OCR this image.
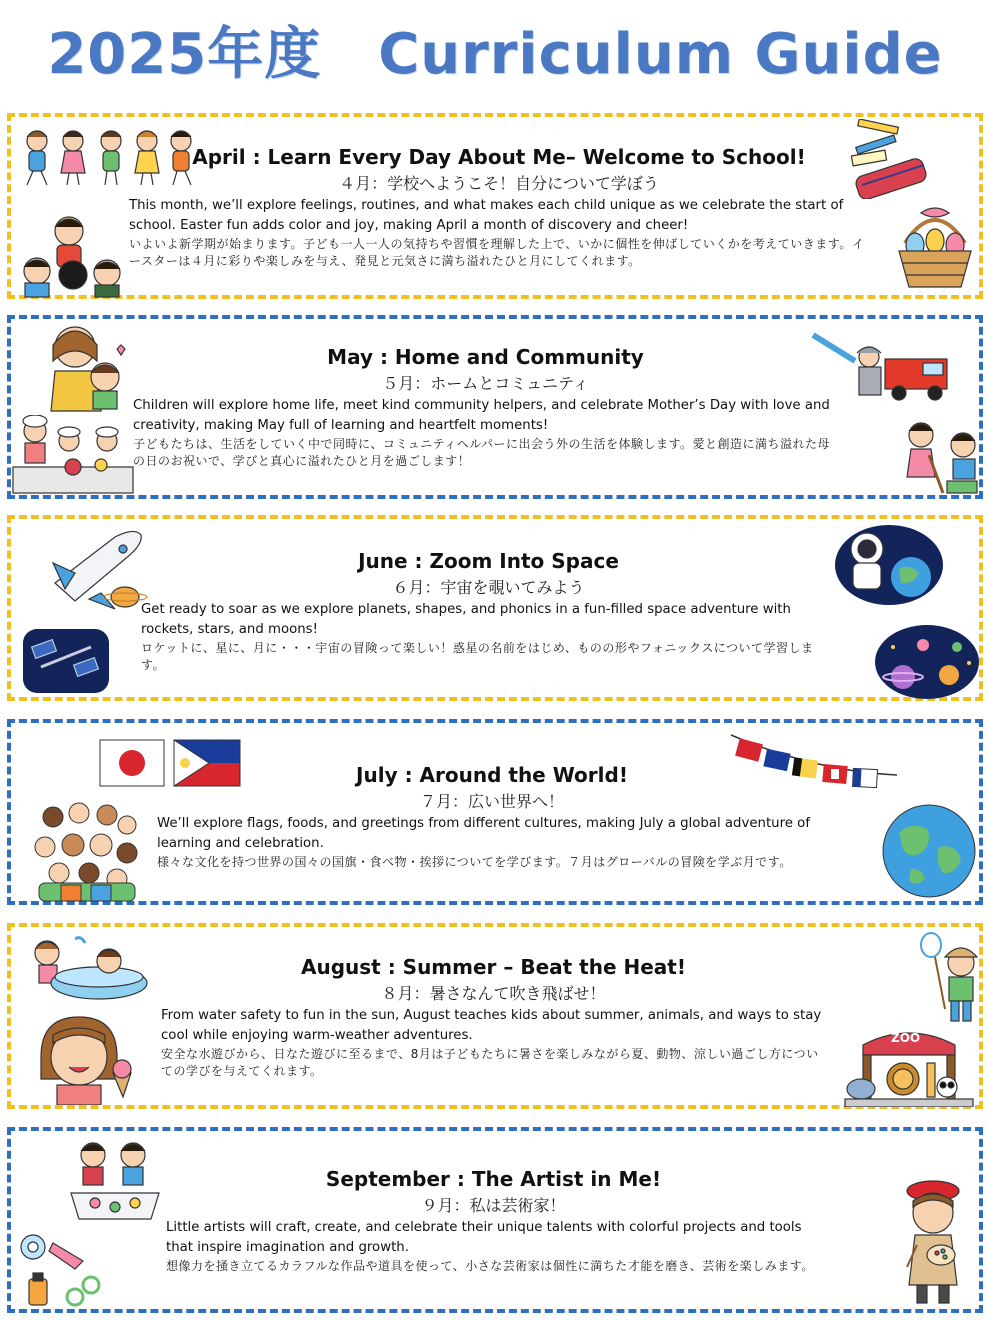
2025年度　Curriculum Guide
April : Learn Every Day About Me– Welcome to School!
４月：学校へようこそ！自分について学ぼう
This month, we’ll explore feelings, routines, and what makes each child unique as we celebrate the start of school. Easter fun adds color and joy, making April a month of discovery and cheer!
いよいよ新学期が始まります。子ども一人一人の気持ちや習慣を理解した上で、いかに個性を伸ばしていくかを考えていきます。イースターは４月に彩りや楽しみを与え、発見と元気さに満ち溢れたひと月にしてくれます。
May : Home and Community
５月：ホームとコミュニティ
Children will explore home life, meet kind community helpers, and celebrate Mother’s Day with love and creativity, making May full of learning and heartfelt moments!
子どもたちは、生活をしていく中で同時に、コミュニティヘルパーに出会う外の生活を体験します。愛と創造に満ち溢れた母の日のお祝いで、学びと真心に溢れたひと月を過ごします！
June : Zoom Into Space
６月：宇宙を覗いてみよう
Get ready to soar as we explore planets, shapes, and phonics in a fun-filled space adventure with rockets, stars, and moons!
ロケットに、星に、月に・・・宇宙の冒険って楽しい！惑星の名前をはじめ、ものの形やフォニックスについて学習します。
July : Around the World!
７月：広い世界へ！
We’ll explore flags, foods, and greetings from different cultures, making July a global adventure of learning and celebration.
様々な文化を持つ世界の国々の国旗・食べ物・挨拶についてを学びます。７月はグローバルの冒険を学ぶ月です。
August : Summer – Beat the Heat!
８月：暑さなんて吹き飛ばせ！
From water safety to fun in the sun, August teaches kids about summer, animals, and ways to stay cool while enjoying warm-weather adventures.
安全な水遊びから、日なた遊びに至るまで、8月は子どもたちに暑さを楽しみながら夏、動物、涼しい過ごし方についての学びを与えてくれます。
ZOO
September : The Artist in Me!
９月：私は芸術家！
Little artists will craft, create, and celebrate their unique talents with colorful projects and tools that inspire imagination and growth.
想像力を掻き立てるカラフルな作品や道具を使って、小さな芸術家は個性に満ちた才能を磨き、芸術を楽しみます。
